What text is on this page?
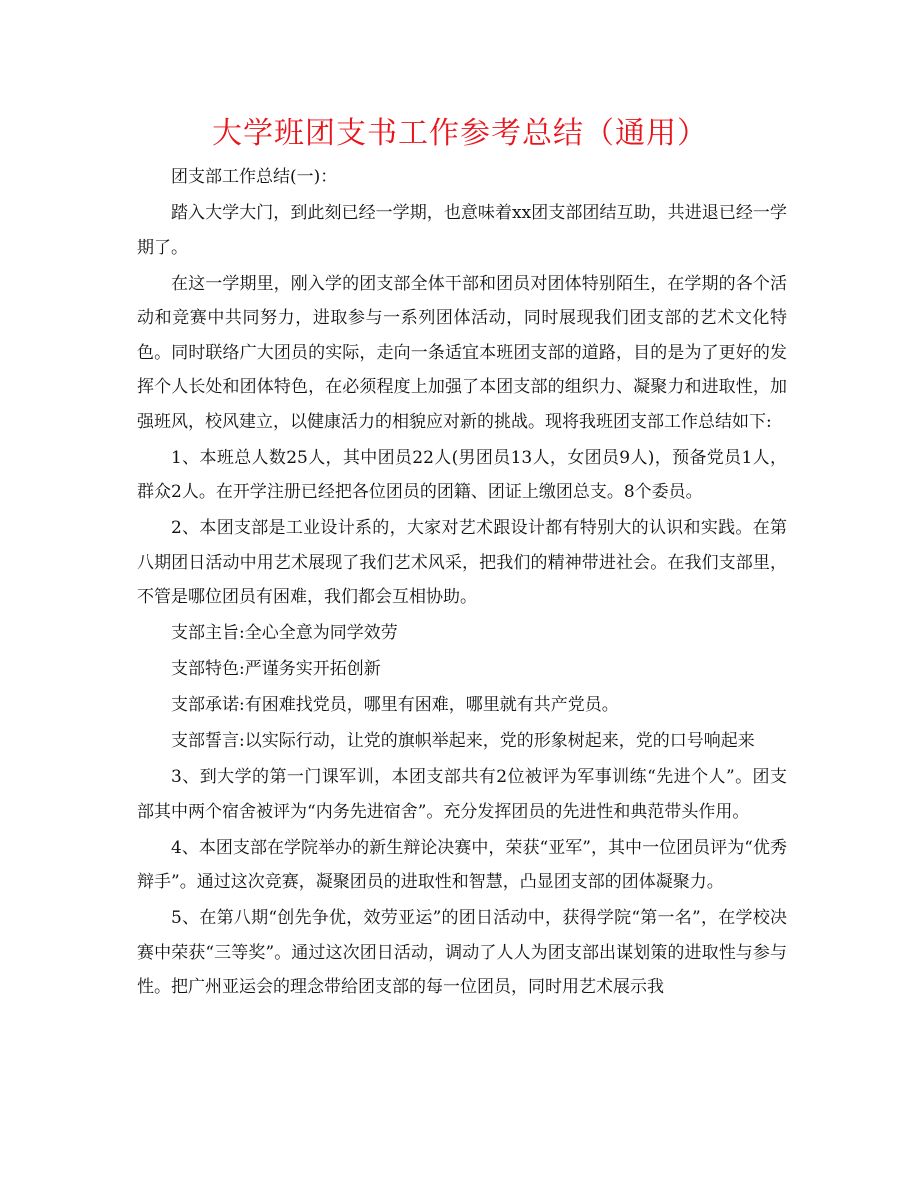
大学班团支书工作参考总结（通用）

团支部工作总结(一)：

踏入大学大门，到此刻已经一学期，也意味着xx团支部团结互助，共进退已经一学期了。

在这一学期里，刚入学的团支部全体干部和团员对团体特别陌生，在学期的各个活动和竞赛中共同努力，进取参与一系列团体活动，同时展现我们团支部的艺术文化特色。同时联络广大团员的实际，走向一条适宜本班团支部的道路，目的是为了更好的发挥个人长处和团体特色，在必须程度上加强了本团支部的组织力、凝聚力和进取性，加强班风，校风建立，以健康活力的相貌应对新的挑战。现将我班团支部工作总结如下:

1、本班总人数25人，其中团员22人(男团员13人，女团员9人)，预备党员1人，群众2人。在开学注册已经把各位团员的团籍、团证上缴团总支。8个委员。

2、本团支部是工业设计系的，大家对艺术跟设计都有特别大的认识和实践。在第八期团日活动中用艺术展现了我们艺术风采，把我们的精神带进社会。在我们支部里，不管是哪位团员有困难，我们都会互相协助。

支部主旨:全心全意为同学效劳

支部特色:严谨务实开拓创新

支部承诺:有困难找党员，哪里有困难，哪里就有共产党员。

支部誓言:以实际行动，让党的旗帜举起来，党的形象树起来，党的口号响起来

3、到大学的第一门课军训，本团支部共有2位被评为军事训练“先进个人”。团支部其中两个宿舍被评为“内务先进宿舍”。充分发挥团员的先进性和典范带头作用。

4、本团支部在学院举办的新生辩论决赛中，荣获“亚军”，其中一位团员评为“优秀辩手”。通过这次竞赛，凝聚团员的进取性和智慧，凸显团支部的团体凝聚力。

5、在第八期“创先争优，效劳亚运”的团日活动中，获得学院“第一名”，在学校决赛中荣获“三等奖”。通过这次团日活动，调动了人人为团支部出谋划策的进取性与参与性。把广州亚运会的理念带给团支部的每一位团员，同时用艺术展示我
